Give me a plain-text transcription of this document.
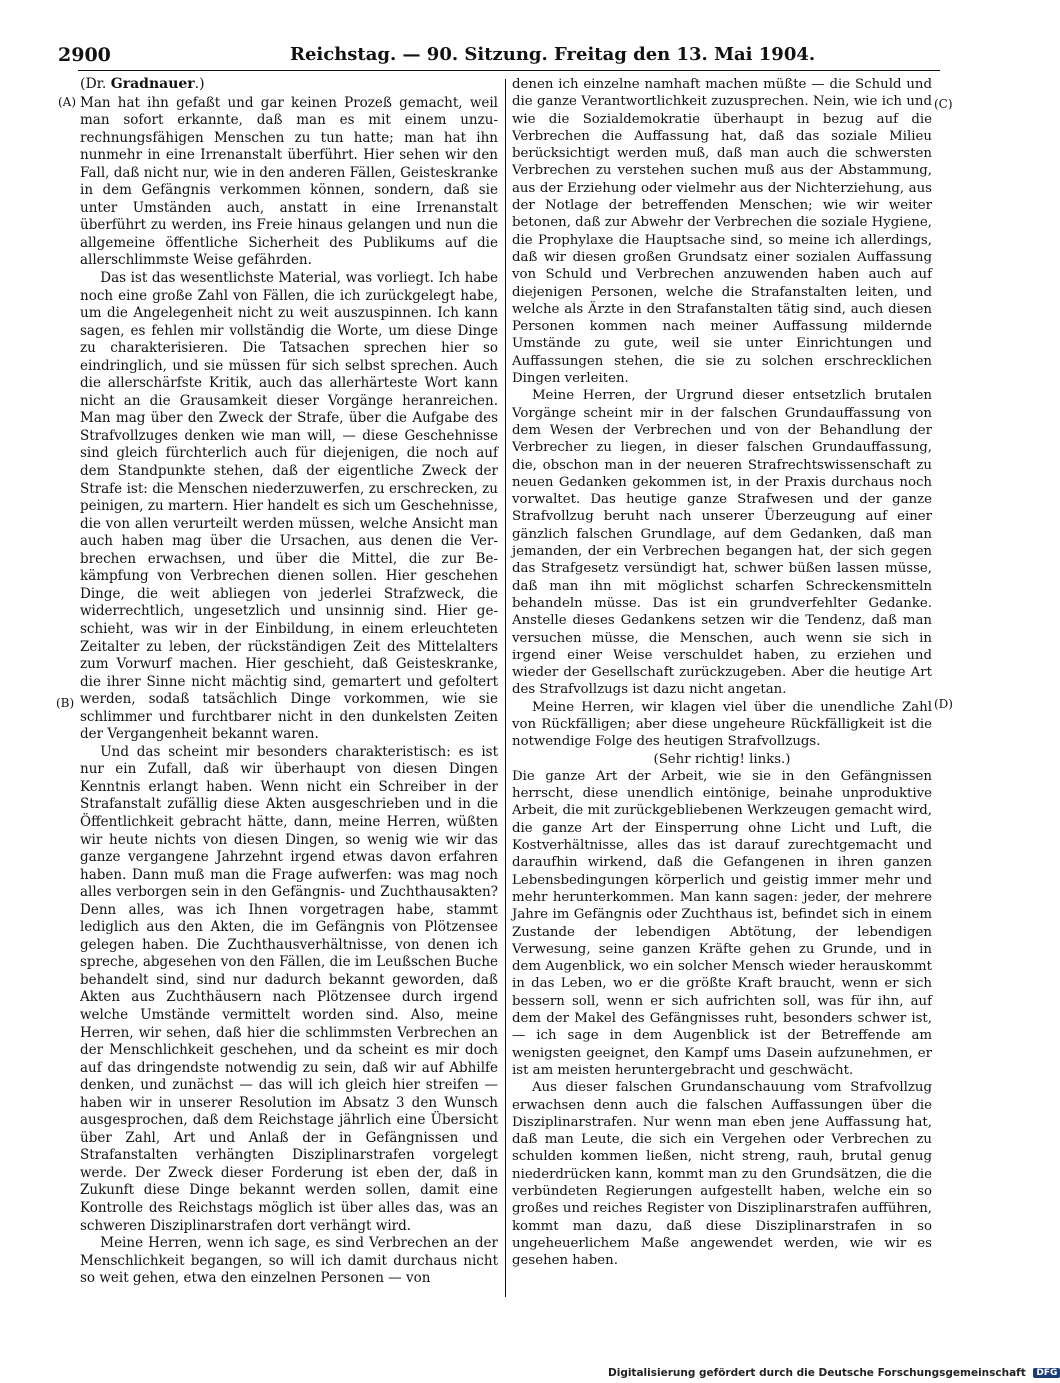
2900	Reichstag. — 90. Sitzung. Freitag den 13. Mai 1904.
(A)
(B)
(C)
(D)
(Dr. Gradnauer.)

Man hat ihn gefaßt und gar keinen Prozeß gemacht, weil man sofort erkannte, daß man es mit einem unzurechnungsfähigen Menschen zu tun hatte; man hat ihn nunmehr in eine Irrenanstalt überführt. Hier sehen wir den Fall, daß nicht nur, wie in den anderen Fällen, Geisteskranke in dem Gefängnis verkommen können, sondern, daß sie unter Umständen auch, anstatt in eine Irrenanstalt überführt zu werden, ins Freie hinaus gelangen und nun die allgemeine öffentliche Sicherheit des Publikums auf die allerschlimmste Weise gefährden.

Das ist das wesentlichste Material, was vorliegt. Ich habe noch eine große Zahl von Fällen, die ich zurückgelegt habe, um die Angelegenheit nicht zu weit auszuspinnen. Ich kann sagen, es fehlen mir vollständig die Worte, um diese Dinge zu charakterisieren. Die Tatsachen sprechen hier so eindringlich, und sie müssen für sich selbst sprechen. Auch die allerschärfste Kritik, auch das allerhärteste Wort kann nicht an die Grausamkeit dieser Vorgänge heranreichen. Man mag über den Zweck der Strafe, über die Aufgabe des Strafvollzuges denken wie man will, — diese Geschehnisse sind gleich fürchterlich auch für diejenigen, die noch auf dem Standpunkte stehen, daß der eigentliche Zweck der Strafe ist: die Menschen niederzuwerfen, zu erschrecken, zu peinigen, zu martern. Hier handelt es sich um Geschehnisse, die von allen verurteilt werden müssen, welche Ansicht man auch haben mag über die Ursachen, aus denen die Verbrechen erwachsen, und über die Mittel, die zur Bekämpfung von Verbrechen dienen sollen. Hier geschehen Dinge, die weit abliegen von jederlei Strafzweck, die widerrechtlich, ungesetzlich und unsinnig sind. Hier geschieht, was wir in der Einbildung, in einem erleuchteten Zeitalter zu leben, der rückständigen Zeit des Mittelalters zum Vorwurf machen. Hier geschieht, daß Geisteskranke, die ihrer Sinne nicht mächtig sind, gemartert und gefoltert werden, sodaß tatsächlich Dinge vorkommen, wie sie schlimmer und furchtbarer nicht in den dunkelsten Zeiten der Vergangenheit bekannt waren.

Und das scheint mir besonders charakteristisch: es ist nur ein Zufall, daß wir überhaupt von diesen Dingen Kenntnis erlangt haben. Wenn nicht ein Schreiber in der Strafanstalt zufällig diese Akten ausgeschrieben und in die Öffentlichkeit gebracht hätte, dann, meine Herren, wüßten wir heute nichts von diesen Dingen, so wenig wie wir das ganze vergangene Jahrzehnt irgend etwas davon erfahren haben. Dann muß man die Frage aufwerfen: was mag noch alles verborgen sein in den Gefängnis- und Zuchthausakten? Denn alles, was ich Ihnen vorgetragen habe, stammt lediglich aus den Akten, die im Gefängnis von Plötzensee gelegen haben. Die Zuchthausverhältnisse, von denen ich spreche, abgesehen von den Fällen, die im Leußschen Buche behandelt sind, sind nur dadurch bekannt geworden, daß Akten aus Zuchthäusern nach Plötzensee durch irgend welche Umstände vermittelt worden sind. Also, meine Herren, wir sehen, daß hier die schlimmsten Verbrechen an der Menschlichkeit geschehen, und da scheint es mir doch auf das dringendste notwendig zu sein, daß wir auf Abhilfe denken, und zunächst — das will ich gleich hier streifen — haben wir in unserer Resolution im Absatz 3 den Wunsch ausgesprochen, daß dem Reichstage jährlich eine Übersicht über Zahl, Art und Anlaß der in Gefängnissen und Strafanstalten verhängten Disziplinarstrafen vorgelegt werde. Der Zweck dieser Forderung ist eben der, daß in Zukunft diese Dinge bekannt werden sollen, damit eine Kontrolle des Reichstags möglich ist über alles das, was an schweren Disziplinarstrafen dort verhängt wird.

Meine Herren, wenn ich sage, es sind Verbrechen an der Menschlichkeit begangen, so will ich damit durchaus nicht so weit gehen, etwa den einzelnen Personen — von

denen ich einzelne namhaft machen müßte — die Schuld und die ganze Verantwortlichkeit zuzusprechen. Nein, wie ich und wie die Sozialdemokratie überhaupt in bezug auf die Verbrechen die Auffassung hat, daß das soziale Milieu berücksichtigt werden muß, daß man auch die schwersten Verbrechen zu verstehen suchen muß aus der Abstammung, aus der Erziehung oder vielmehr aus der Nichterziehung, aus der Notlage der betreffenden Menschen; wie wir weiter betonen, daß zur Abwehr der Verbrechen die soziale Hygiene, die Prophylaxe die Hauptsache sind, so meine ich allerdings, daß wir diesen großen Grundsatz einer sozialen Auffassung von Schuld und Verbrechen anzuwenden haben auch auf diejenigen Personen, welche die Strafanstalten leiten, und welche als Ärzte in den Strafanstalten tätig sind, auch diesen Personen kommen nach meiner Auffassung mildernde Umstände zu gute, weil sie unter Einrichtungen und Auffassungen stehen, die sie zu solchen erschrecklichen Dingen verleiten.

Meine Herren, der Urgrund dieser entsetzlich brutalen Vorgänge scheint mir in der falschen Grundauffassung von dem Wesen der Verbrechen und von der Behandlung der Verbrecher zu liegen, in dieser falschen Grundauffassung, die, obschon man in der neueren Strafrechtswissenschaft zu neuen Gedanken gekommen ist, in der Praxis durchaus noch vorwaltet. Das heutige ganze Strafwesen und der ganze Strafvollzug beruht nach unserer Überzeugung auf einer gänzlich falschen Grundlage, auf dem Gedanken, daß man jemanden, der ein Verbrechen begangen hat, der sich gegen das Strafgesetz versündigt hat, schwer büßen lassen müsse, daß man ihn mit möglichst scharfen Schreckensmitteln behandeln müsse. Das ist ein grundverfehlter Gedanke. Anstelle dieses Gedankens setzen wir die Tendenz, daß man versuchen müsse, die Menschen, auch wenn sie sich in irgend einer Weise verschuldet haben, zu erziehen und wieder der Gesellschaft zurückzugeben. Aber die heutige Art des Strafvollzugs ist dazu nicht angetan.

Meine Herren, wir klagen viel über die unendliche Zahl von Rückfälligen; aber diese ungeheure Rückfälligkeit ist die notwendige Folge des heutigen Strafvollzugs.

(Sehr richtig! links.)

Die ganze Art der Arbeit, wie sie in den Gefängnissen herrscht, diese unendlich eintönige, beinahe unproduktive Arbeit, die mit zurückgebliebenen Werkzeugen gemacht wird, die ganze Art der Einsperrung ohne Licht und Luft, die Kostverhältnisse, alles das ist darauf zurechtgemacht und daraufhin wirkend, daß die Gefangenen in ihren ganzen Lebensbedingungen körperlich und geistig immer mehr und mehr herunterkommen. Man kann sagen: jeder, der mehrere Jahre im Gefängnis oder Zuchthaus ist, befindet sich in einem Zustande der lebendigen Abtötung, der lebendigen Verwesung, seine ganzen Kräfte gehen zu Grunde, und in dem Augenblick, wo ein solcher Mensch wieder herauskommt in das Leben, wo er die größte Kraft braucht, wenn er sich bessern soll, wenn er sich aufrichten soll, was für ihn, auf dem der Makel des Gefängnisses ruht, besonders schwer ist, — ich sage in dem Augenblick ist der Betreffende am wenigsten geeignet, den Kampf ums Dasein aufzunehmen, er ist am meisten heruntergebracht und geschwächt.

Aus dieser falschen Grundanschauung vom Strafvollzug erwachsen denn auch die falschen Auffassungen über die Disziplinarstrafen. Nur wenn man eben jene Auffassung hat, daß man Leute, die sich ein Vergehen oder Verbrechen zu schulden kommen ließen, nicht streng, rauh, brutal genug niederdrücken kann, kommt man zu den Grundsätzen, die die verbündeten Regierungen aufgestellt haben, welche ein so großes und reiches Register von Disziplinarstrafen aufführen, kommt man dazu, daß diese Disziplinarstrafen in so ungeheuerlichem Maße angewendet werden, wie wir es gesehen haben.

Digitalisierung gefördert durch die Deutsche Forschungsgemeinschaft DFG
